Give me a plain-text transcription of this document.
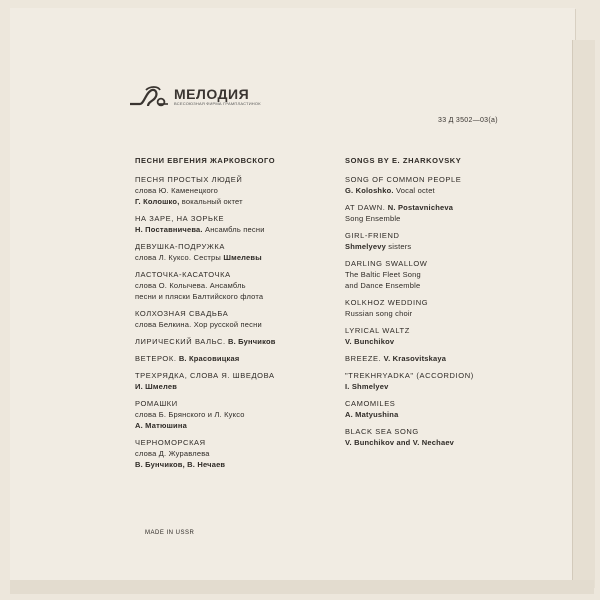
МЕЛОДИЯ
ВСЕСОЮЗНАЯ ФИРМА ГРАМПЛАСТИНОК
33 Д 3502—03(а)
ПЕСНИ ЕВГЕНИЯ ЖАРКОВСКОГО
ПЕСНЯ ПРОСТЫХ ЛЮДЕЙ
слова Ю. Каменецкого
Г. Колошко, вокальный октет
НА ЗАРЕ, НА ЗОРЬКЕ
Н. Поставничева. Ансамбль песни
ДЕВУШКА-ПОДРУЖКА
слова Л. Куксо. Сестры Шмелевы
ЛАСТОЧКА-КАСАТОЧКА
слова О. Колычева. Ансамбль
песни и пляски Балтийского флота
КОЛХОЗНАЯ СВАДЬБА
слова Белкина. Хор русской песни
ЛИРИЧЕСКИЙ ВАЛЬС. В. Бунчиков
ВЕТЕРОК. В. Красовицкая
ТРЕХРЯДКА, СЛОВА Я. ШВЕДОВА
И. Шмелев
РОМАШКИ
слова Б. Брянского и Л. Куксо
А. Матюшина
ЧЕРНОМОРСКАЯ
слова Д. Журавлева
В. Бунчиков, В. Нечаев
SONGS BY E. ZHARKOVSKY
SONG OF COMMON PEOPLE
G. Koloshko. Vocal octet
AT DAWN. N. Postavnicheva
Song Ensemble
GIRL-FRIEND
Shmelyevy sisters
DARLING SWALLOW
The Baltic Fleet Song
and Dance Ensemble
KOLKHOZ WEDDING
Russian song choir
LYRICAL WALTZ
V. Bunchikov
BREEZE. V. Krasovitskaya
"TREKHRYADKA" (ACCORDION)
I. Shmelyev
CAMOMILES
A. Matyushina
BLACK SEA SONG
V. Bunchikov and V. Nechaev
MADE IN USSR
